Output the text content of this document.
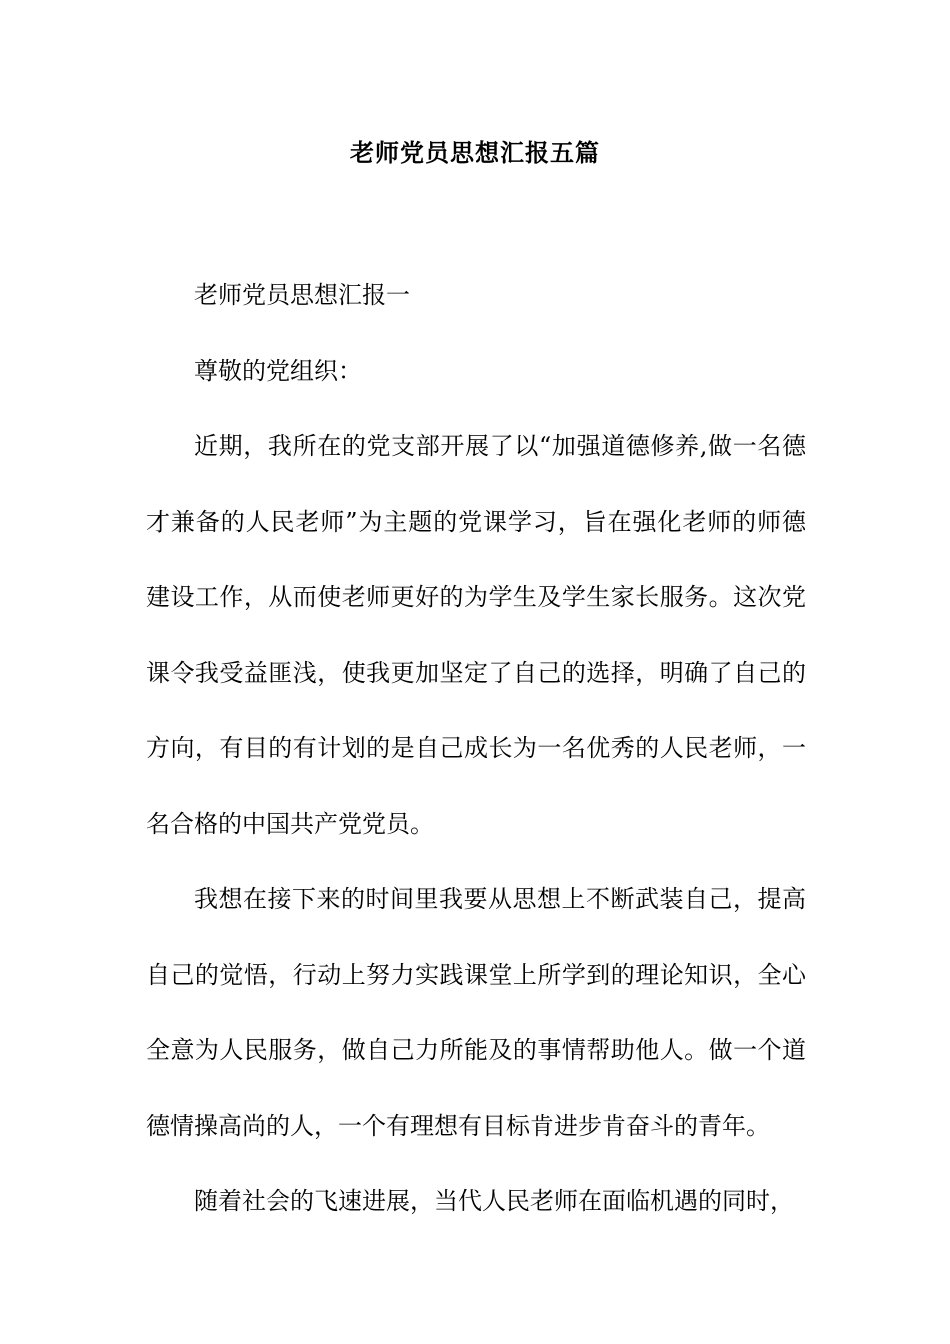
老师党员思想汇报五篇

老师党员思想汇报一

尊敬的党组织：

近期，我所在的党支部开展了以“加强道德修养,做一名德才兼备的人民老师”为主题的党课学习，旨在强化老师的师德建设工作，从而使老师更好的为学生及学生家长服务。这次党课令我受益匪浅，使我更加坚定了自己的选择，明确了自己的方向，有目的有计划的是自己成长为一名优秀的人民老师，一名合格的中国共产党党员。

我想在接下来的时间里我要从思想上不断武装自己，提高自己的觉悟，行动上努力实践课堂上所学到的理论知识，全心全意为人民服务，做自己力所能及的事情帮助他人。做一个道德情操高尚的人，一个有理想有目标肯进步肯奋斗的青年。

随着社会的飞速进展，当代人民老师在面临机遇的同时，
